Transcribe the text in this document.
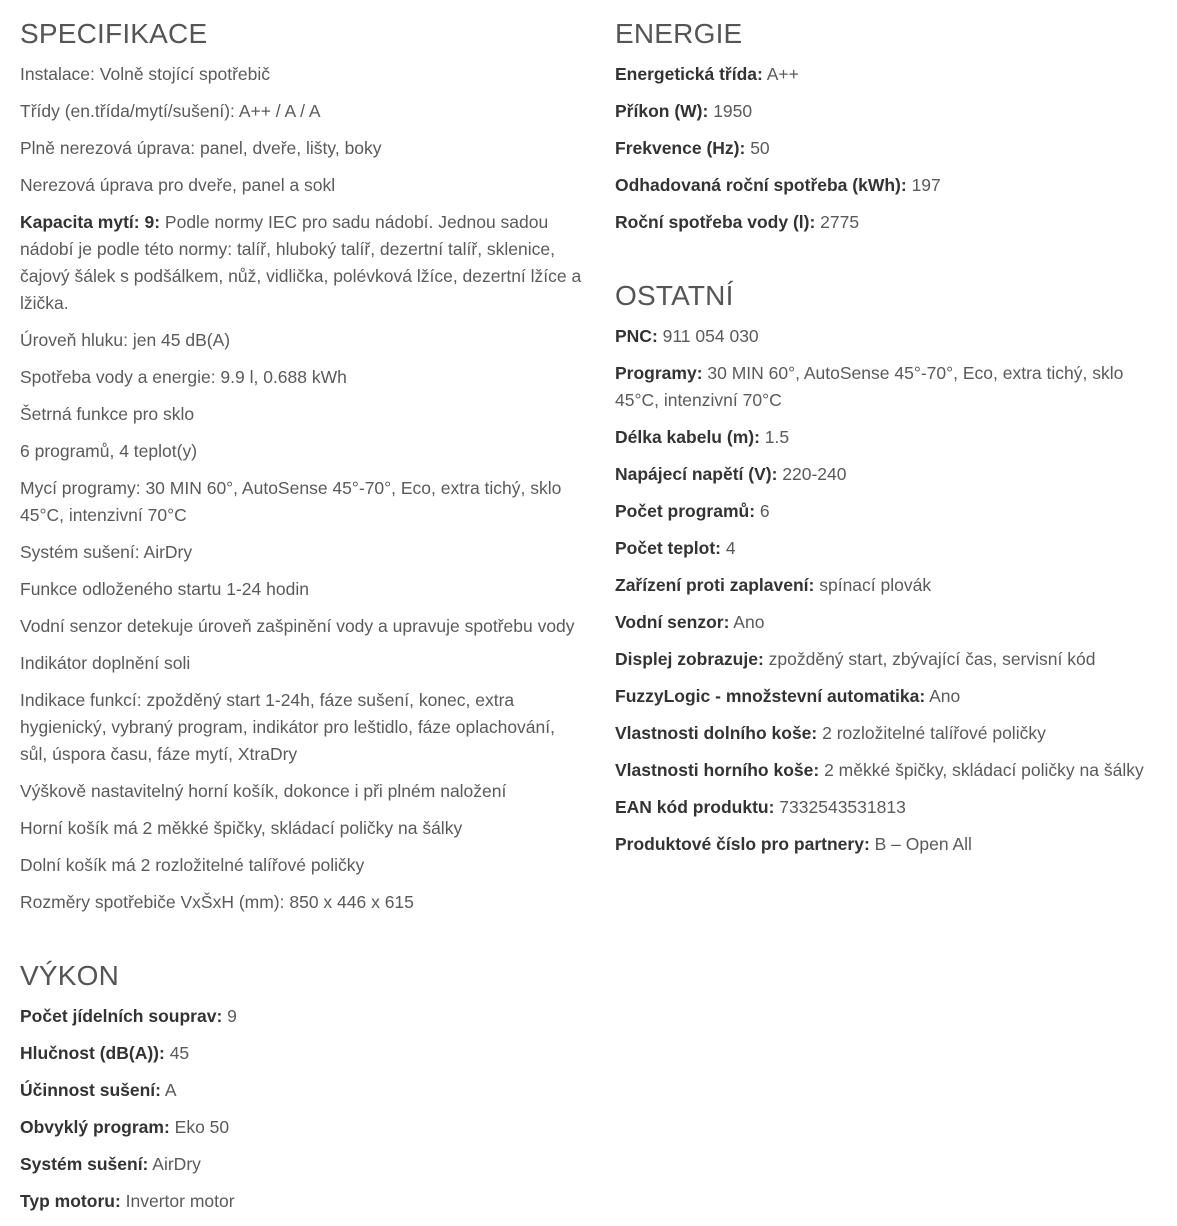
SPECIFIKACE

Instalace: Volně stojící spotřebič

Třídy (en.třída/mytí/sušení): A++ / A / A

Plně nerezová úprava: panel, dveře, lišty, boky

Nerezová úprava pro dveře, panel a sokl

Kapacita mytí: 9: Podle normy IEC pro sadu nádobí. Jednou sadou nádobí je podle této normy: talíř, hluboký talíř, dezertní talíř, sklenice, čajový šálek s podšálkem, nůž, vidlička, polévková lžíce, dezertní lžíce a lžička.

Úroveň hluku: jen 45 dB(A)

Spotřeba vody a energie: 9.9 l, 0.688 kWh

Šetrná funkce pro sklo

6 programů, 4 teplot(y)

Mycí programy: 30 MIN 60°, AutoSense 45°-70°, Eco, extra tichý, sklo 45°C, intenzivní 70°C

Systém sušení: AirDry

Funkce odloženého startu 1-24 hodin

Vodní senzor detekuje úroveň zašpinění vody a upravuje spotřebu vody

Indikátor doplnění soli

Indikace funkcí: zpožděný start 1-24h, fáze sušení, konec, extra hygienický, vybraný program, indikátor pro leštidlo, fáze oplachování, sůl, úspora času, fáze mytí, XtraDry

Výškově nastavitelný horní košík, dokonce i při plném naložení

Horní košík má 2 měkké špičky, skládací poličky na šálky

Dolní košík má 2 rozložitelné talířové poličky

Rozměry spotřebiče VxŠxH (mm): 850 x 446 x 615

VÝKON

Počet jídelních souprav: 9

Hlučnost (dB(A)): 45

Účinnost sušení: A

Obvyklý program: Eko 50

Systém sušení: AirDry

Typ motoru: Invertor motor

ENERGIE

Energetická třída: A++

Příkon (W): 1950

Frekvence (Hz): 50

Odhadovaná roční spotřeba (kWh): 197

Roční spotřeba vody (l): 2775

OSTATNÍ

PNC: 911 054 030

Programy: 30 MIN 60°, AutoSense 45°-70°, Eco, extra tichý, sklo 45°C, intenzivní 70°C

Délka kabelu (m): 1.5

Napájecí napětí (V): 220-240

Počet programů: 6

Počet teplot: 4

Zařízení proti zaplavení: spínací plovák

Vodní senzor: Ano

Displej zobrazuje: zpožděný start, zbývající čas, servisní kód

FuzzyLogic - množstevní automatika: Ano

Vlastnosti dolního koše: 2 rozložitelné talířové poličky

Vlastnosti horního koše: 2 měkké špičky, skládací poličky na šálky

EAN kód produktu: 7332543531813

Produktové číslo pro partnery: B – Open All
